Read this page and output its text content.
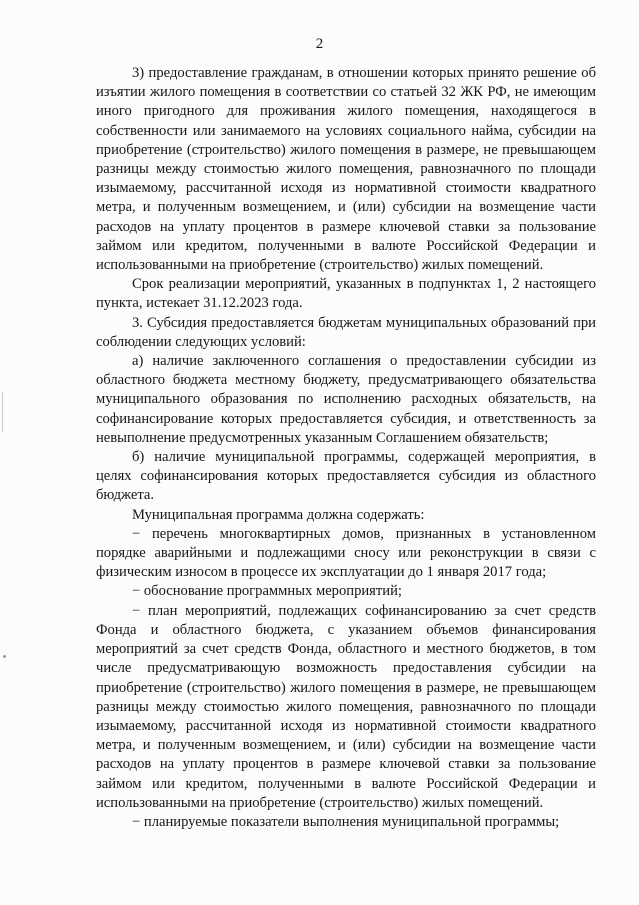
2

3) предоставление гражданам, в отношении которых принято решение об изъятии жилого помещения в соответствии со статьей 32 ЖК РФ, не имеющим иного пригодного для проживания жилого помещения, находящегося в собственности или занимаемого на условиях социального найма, субсидии на приобретение (строительство) жилого помещения в размере, не превышающем разницы между стоимостью жилого помещения, равнозначного по площади изымаемому, рассчитанной исходя из нормативной стоимости квадратного метра, и полученным возмещением, и (или) субсидии на возмещение части расходов на уплату процентов в размере ключевой ставки за пользование займом или кредитом, полученными в валюте Российской Федерации и использованными на приобретение (строительство) жилых помещений.

Срок реализации мероприятий, указанных в подпунктах 1, 2 настоящего пункта, истекает 31.12.2023 года.

3. Субсидия предоставляется бюджетам муниципальных образований при соблюдении следующих условий:

а) наличие заключенного соглашения о предоставлении субсидии из областного бюджета местному бюджету, предусматривающего обязательства муниципального образования по исполнению расходных обязательств, на софинансирование которых предоставляется субсидия, и ответственность за невыполнение предусмотренных указанным Соглашением обязательств;

б) наличие муниципальной программы, содержащей мероприятия, в целях софинансирования которых предоставляется субсидия из областного бюджета.

Муниципальная программа должна содержать:

− перечень многоквартирных домов, признанных в установленном порядке аварийными и подлежащими сносу или реконструкции в связи с физическим износом в процессе их эксплуатации до 1 января 2017 года;

− обоснование программных мероприятий;

− план мероприятий, подлежащих софинансированию за счет средств Фонда и областного бюджета, с указанием объемов финансирования мероприятий за счет средств Фонда, областного и местного бюджетов, в том числе предусматривающую возможность предоставления субсидии на приобретение (строительство) жилого помещения в размере, не превышающем разницы между стоимостью жилого помещения, равнозначного по площади изымаемому, рассчитанной исходя из нормативной стоимости квадратного метра, и полученным возмещением, и (или) субсидии на возмещение части расходов на уплату процентов в размере ключевой ставки за пользование займом или кредитом, полученными в валюте Российской Федерации и использованными на приобретение (строительство) жилых помещений.

− планируемые показатели выполнения муниципальной программы;
